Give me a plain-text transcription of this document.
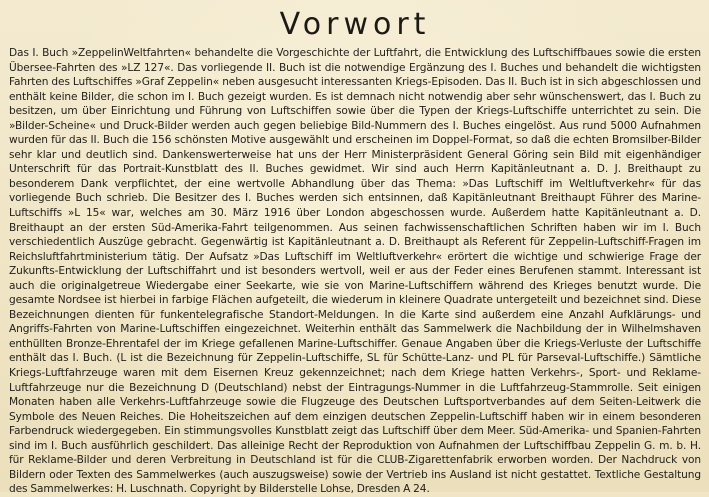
Vorwort

Das I. Buch »ZeppelinWeltfahrten« behandelte die Vorgeschichte der Luftfahrt, die Entwicklung des Luftschiffbaues sowie die ersten Übersee-Fahrten des »LZ 127«. Das vorliegende II. Buch ist die notwendige Ergänzung des I. Buches und behandelt die wichtigsten Fahrten des Luftschiffes »Graf Zeppelin« neben ausgesucht interessanten Kriegs-Episoden. Das II. Buch ist in sich abgeschlossen und enthält keine Bilder, die schon im I. Buch gezeigt wurden. Es ist demnach nicht notwendig aber sehr wünschenswert, das I. Buch zu besitzen, um über Einrichtung und Führung von Luftschiffen sowie über die Typen der Kriegs-Luftschiffe unterrichtet zu sein. Die »Bilder-Scheine« und Druck-Bilder werden auch gegen beliebige Bild-Nummern des I. Buches eingelöst. Aus rund 5000 Aufnahmen wurden für das II. Buch die 156 schönsten Motive ausgewählt und erscheinen im Doppel-Format, so daß die echten Bromsilber-Bilder sehr klar und deutlich sind. Dankenswerterweise hat uns der Herr Ministerpräsident General Göring sein Bild mit eigenhändiger Unterschrift für das Portrait-Kunstblatt des II. Buches gewidmet. Wir sind auch Herrn Kapitänleutnant a. D. J. Breithaupt zu besonderem Dank verpflichtet, der eine wertvolle Abhandlung über das Thema: »Das Luftschiff im Weltluftverkehr« für das vorliegende Buch schrieb. Die Besitzer des I. Buches werden sich entsinnen, daß Kapitänleutnant Breithaupt Führer des Marine-Luftschiffs »L 15« war, welches am 30. März 1916 über London abgeschossen wurde. Außerdem hatte Kapitänleutnant a. D. Breithaupt an der ersten Süd-Amerika-Fahrt teilgenommen. Aus seinen fachwissenschaftlichen Schriften haben wir im I. Buch verschiedentlich Auszüge gebracht. Gegenwärtig ist Kapitänleutnant a. D. Breithaupt als Referent für Zeppelin-Luftschiff-Fragen im Reichsluftfahrtministerium tätig. Der Aufsatz »Das Luftschiff im Weltluftverkehr« erörtert die wichtige und schwierige Frage der Zukunfts-Entwicklung der Luftschiffahrt und ist besonders wertvoll, weil er aus der Feder eines Berufenen stammt. Interessant ist auch die originalgetreue Wiedergabe einer Seekarte, wie sie von Marine-Luftschiffern während des Krieges benutzt wurde. Die gesamte Nordsee ist hierbei in farbige Flächen aufgeteilt, die wiederum in kleinere Quadrate untergeteilt und bezeichnet sind. Diese Bezeichnungen dienten für funkentelegrafische Standort-Meldungen. In die Karte sind außerdem eine Anzahl Aufklärungs- und Angriffs-Fahrten von Marine-Luftschiffen eingezeichnet. Weiterhin enthält das Sammelwerk die Nachbildung der in Wilhelmshaven enthüllten Bronze-Ehrentafel der im Kriege gefallenen Marine-Luftschiffer. Genaue Angaben über die Kriegs-Verluste der Luftschiffe enthält das I. Buch. (L ist die Bezeichnung für Zeppelin-Luftschiffe, SL für Schütte-Lanz- und PL für Parseval-Luftschiffe.) Sämtliche Kriegs-Luftfahrzeuge waren mit dem Eisernen Kreuz gekennzeichnet; nach dem Kriege hatten Verkehrs-, Sport- und Reklame-Luftfahrzeuge nur die Bezeichnung D (Deutschland) nebst der Eintragungs-Nummer in die Luftfahrzeug-Stammrolle. Seit einigen Monaten haben alle Verkehrs-Luftfahrzeuge sowie die Flugzeuge des Deutschen Luftsportverbandes auf dem Seiten-Leitwerk die Symbole des Neuen Reiches. Die Hoheitszeichen auf dem einzigen deutschen Zeppelin-Luftschiff haben wir in einem besonderen Farbendruck wiedergegeben. Ein stimmungsvolles Kunstblatt zeigt das Luftschiff über dem Meer. Süd-Amerika- und Spanien-Fahrten sind im I. Buch ausführlich geschildert. Das alleinige Recht der Reproduktion von Aufnahmen der Luftschiffbau Zeppelin G. m. b. H. für Reklame-Bilder und deren Verbreitung in Deutschland ist für die CLUB-Zigarettenfabrik erworben worden. Der Nachdruck von Bildern oder Texten des Sammelwerkes (auch auszugsweise) sowie der Vertrieb ins Ausland ist nicht gestattet. Textliche Gestaltung des Sammelwerkes: H. Luschnath. Copyright by Bilderstelle Lohse, Dresden A 24.
